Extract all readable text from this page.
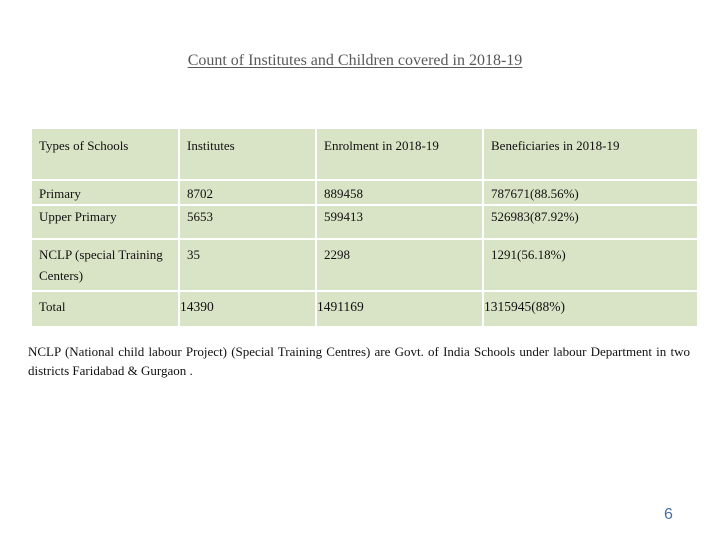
Count of Institutes and Children covered in 2018-19
Types of Schools	Institutes	Enrolment in 2018-19	Beneficiaries in 2018-19
Primary	8702	889458	787671(88.56%)
Upper Primary	5653	599413	526983(87.92%)
NCLP (special Training Centers)	35	2298	1291(56.18%)
Total	14390	1491169	1315945(88%)
NCLP (National child labour Project) (Special Training Centres) are Govt. of India Schools under labour Department in two districts Faridabad & Gurgaon .
6
